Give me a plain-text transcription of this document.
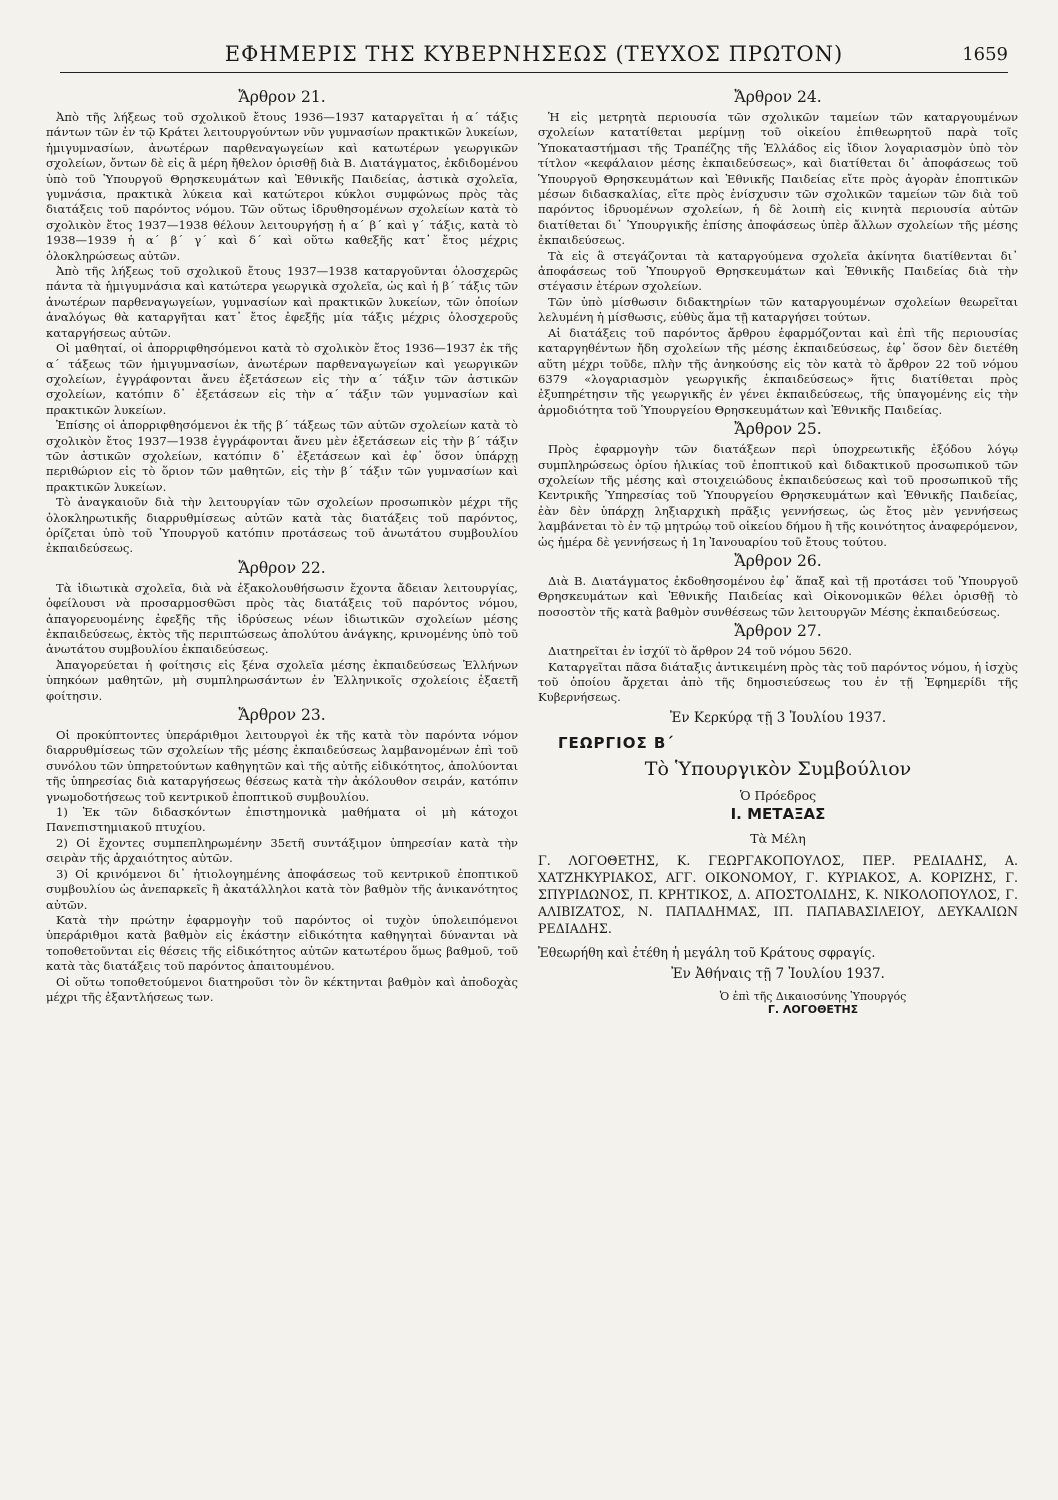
ΕΦΗΜΕΡΙΣ ΤΗΣ ΚΥΒΕΡΝΗΣΕΩΣ (ΤΕΥΧΟΣ ΠΡΩΤΟΝ)	1659
Ἄρθρον 21.

Ἀπὸ τῆς λήξεως τοῦ σχολικοῦ ἔτους 1936—1937 καταργεῖται ἡ α΄ τάξις πάντων τῶν ἐν τῷ Κράτει λειτουργούντων νῦν γυμνασίων πρακτικῶν λυκείων, ἡμιγυμνασίων, ἀνωτέρων παρθεναγωγείων καὶ κατωτέρων γεωργικῶν σχολείων, ὄντων δὲ εἰς ἃ μέρη ἤθελον ὁρισθῇ διὰ Β. Διατάγματος, ἐκδιδομένου ὑπὸ τοῦ Ὑπουργοῦ Θρησκευμάτων καὶ Ἐθνικῆς Παιδείας, ἀστικὰ σχολεῖα, γυμνάσια, πρακτικὰ λύκεια καὶ κατώτεροι κύκλοι συμφώνως πρὸς τὰς διατάξεις τοῦ παρόντος νόμου. Τῶν οὕτως ἱδρυθησομένων σχολείων κατὰ τὸ σχολικὸν ἔτος 1937—1938 θέλουν λειτουργήσῃ ἡ α΄ β΄ καὶ γ΄ τάξις, κατὰ τὸ 1938—1939 ἡ α΄ β΄ γ΄ καὶ δ΄ καὶ οὕτω καθεξῆς κατ᾽ ἔτος μέχρις ὁλοκληρώσεως αὐτῶν.

Ἀπὸ τῆς λήξεως τοῦ σχολικοῦ ἔτους 1937—1938 καταργοῦνται ὁλοσχερῶς πάντα τὰ ἡμιγυμνάσια καὶ κατώτερα γεωργικὰ σχολεῖα, ὡς καὶ ἡ β΄ τάξις τῶν ἀνωτέρων παρθεναγωγείων, γυμνασίων καὶ πρακτικῶν λυκείων, τῶν ὁποίων ἀναλόγως θὰ καταργῆται κατ᾽ ἔτος ἐφεξῆς μία τάξις μέχρις ὁλοσχεροῦς καταργήσεως αὐτῶν.

Οἱ μαθηταί, οἱ ἀπορριφθησόμενοι κατὰ τὸ σχολικὸν ἔτος 1936—1937 ἐκ τῆς α΄ τάξεως τῶν ἡμιγυμνασίων, ἀνωτέρων παρθεναγωγείων καὶ γεωργικῶν σχολείων, ἐγγράφονται ἄνευ ἐξετάσεων εἰς τὴν α΄ τάξιν τῶν ἀστικῶν σχολείων, κατόπιν δ᾽ ἐξετάσεων εἰς τὴν α΄ τάξιν τῶν γυμνασίων καὶ πρακτικῶν λυκείων.

Ἐπίσης οἱ ἀπορριφθησόμενοι ἐκ τῆς β΄ τάξεως τῶν αὐτῶν σχολείων κατὰ τὸ σχολικὸν ἔτος 1937—1938 ἐγγράφονται ἄνευ μὲν ἐξετάσεων εἰς τὴν β΄ τάξιν τῶν ἀστικῶν σχολείων, κατόπιν δ᾽ ἐξετάσεων καὶ ἐφ᾽ ὅσον ὑπάρχῃ περιθώριον εἰς τὸ ὅριον τῶν μαθητῶν, εἰς τὴν β΄ τάξιν τῶν γυμνασίων καὶ πρακτικῶν λυκείων.

Τὸ ἀναγκαιοῦν διὰ τὴν λειτουργίαν τῶν σχολείων προσωπικὸν μέχρι τῆς ὁλοκληρωτικῆς διαρρυθμίσεως αὐτῶν κατὰ τὰς διατάξεις τοῦ παρόντος, ὁρίζεται ὑπὸ τοῦ Ὑπουργοῦ κατόπιν προτάσεως τοῦ ἀνωτάτου συμβουλίου ἐκπαιδεύσεως.

Ἄρθρον 22.

Τὰ ἰδιωτικὰ σχολεῖα, διὰ νὰ ἐξακολουθήσωσιν ἔχοντα ἄδειαν λειτουργίας, ὀφείλουσι νὰ προσαρμοσθῶσι πρὸς τὰς διατάξεις τοῦ παρόντος νόμου, ἀπαγορευομένης ἐφεξῆς τῆς ἱδρύσεως νέων ἰδιωτικῶν σχολείων μέσης ἐκπαιδεύσεως, ἐκτὸς τῆς περιπτώσεως ἀπολύτου ἀνάγκης, κρινομένης ὑπὸ τοῦ ἀνωτάτου συμβουλίου ἐκπαιδεύσεως.

Ἀπαγορεύεται ἡ φοίτησις εἰς ξένα σχολεῖα μέσης ἐκπαιδεύσεως Ἑλλήνων ὑπηκόων μαθητῶν, μὴ συμπληρωσάντων ἐν Ἑλληνικοῖς σχολείοις ἑξαετῆ φοίτησιν.

Ἄρθρον 23.

Οἱ προκύπτοντες ὑπεράριθμοι λειτουργοὶ ἐκ τῆς κατὰ τὸν παρόντα νόμον διαρρυθμίσεως τῶν σχολείων τῆς μέσης ἐκπαιδεύσεως λαμβανομένων ἐπὶ τοῦ συνόλου τῶν ὑπηρετούντων καθηγητῶν καὶ τῆς αὐτῆς εἰδικότητος, ἀπολύονται τῆς ὑπηρεσίας διὰ καταργήσεως θέσεως κατὰ τὴν ἀκόλουθον σειράν, κατόπιν γνωμοδοτήσεως τοῦ κεντρικοῦ ἐποπτικοῦ συμβουλίου.

1) Ἐκ τῶν διδασκόντων ἐπιστημονικὰ μαθήματα οἱ μὴ κάτοχοι Πανεπιστημιακοῦ πτυχίου.

2) Οἱ ἔχοντες συμπεπληρωμένην 35ετῆ συντάξιμον ὑπηρεσίαν κατὰ τὴν σειρὰν τῆς ἀρχαιότητος αὐτῶν.

3) Οἱ κρινόμενοι δι᾽ ἠτιολογημένης ἀποφάσεως τοῦ κεντρικοῦ ἐποπτικοῦ συμβουλίου ὡς ἀνεπαρκεῖς ἢ ἀκατάλληλοι κατὰ τὸν βαθμὸν τῆς ἀνικανότητος αὐτῶν.

Κατὰ τὴν πρώτην ἐφαρμογὴν τοῦ παρόντος οἱ τυχὸν ὑπολειπόμενοι ὑπεράριθμοι κατὰ βαθμὸν εἰς ἑκάστην εἰδικότητα καθηγηταὶ δύνανται νὰ τοποθετοῦνται εἰς θέσεις τῆς εἰδικότητος αὐτῶν κατωτέρου ὅμως βαθμοῦ, τοῦ κατὰ τὰς διατάξεις τοῦ παρόντος ἀπαιτουμένου.

Οἱ οὕτω τοποθετούμενοι διατηροῦσι τὸν ὃν κέκτηνται βαθμὸν καὶ ἀποδοχὰς μέχρι τῆς ἐξαντλήσεως των.

Ἄρθρον 24.

Ἡ εἰς μετρητὰ περιουσία τῶν σχολικῶν ταμείων τῶν καταργουμένων σχολείων κατατίθεται μερίμνῃ τοῦ οἰκείου ἐπιθεωρητοῦ παρὰ τοῖς Ὑποκαταστήμασι τῆς Τραπέζης τῆς Ἑλλάδος εἰς ἴδιον λογαριασμὸν ὑπὸ τὸν τίτλον «κεφάλαιον μέσης ἐκπαιδεύσεως», καὶ διατίθεται δι᾽ ἀποφάσεως τοῦ Ὑπουργοῦ Θρησκευμάτων καὶ Ἐθνικῆς Παιδείας εἴτε πρὸς ἀγορὰν ἐποπτικῶν μέσων διδασκαλίας, εἴτε πρὸς ἐνίσχυσιν τῶν σχολικῶν ταμείων τῶν διὰ τοῦ παρόντος ἱδρυομένων σχολείων, ἡ δὲ λοιπὴ εἰς κινητὰ περιουσία αὐτῶν διατίθεται δι᾽ Ὑπουργικῆς ἐπίσης ἀποφάσεως ὑπὲρ ἄλλων σχολείων τῆς μέσης ἐκπαιδεύσεως.

Τὰ εἰς ἃ στεγάζονται τὰ καταργούμενα σχολεῖα ἀκίνητα διατίθενται δι᾽ ἀποφάσεως τοῦ Ὑπουργοῦ Θρησκευμάτων καὶ Ἐθνικῆς Παιδείας διὰ τὴν στέγασιν ἑτέρων σχολείων.

Τῶν ὑπὸ μίσθωσιν διδακτηρίων τῶν καταργουμένων σχολείων θεωρεῖται λελυμένη ἡ μίσθωσις, εὐθὺς ἅμα τῇ καταργήσει τούτων.

Αἱ διατάξεις τοῦ παρόντος ἄρθρου ἐφαρμόζονται καὶ ἐπὶ τῆς περιουσίας καταργηθέντων ἤδη σχολείων τῆς μέσης ἐκπαιδεύσεως, ἐφ᾽ ὅσον δὲν διετέθη αὕτη μέχρι τοῦδε, πλὴν τῆς ἀνηκούσης εἰς τὸν κατὰ τὸ ἄρθρον 22 τοῦ νόμου 6379 «λογαριασμὸν γεωργικῆς ἐκπαιδεύσεως» ἥτις διατίθεται πρὸς ἐξυπηρέτησιν τῆς γεωργικῆς ἐν γένει ἐκπαιδεύσεως, τῆς ὑπαγομένης εἰς τὴν ἁρμοδιότητα τοῦ Ὑπουργείου Θρησκευμάτων καὶ Ἐθνικῆς Παιδείας.

Ἄρθρον 25.

Πρὸς ἐφαρμογὴν τῶν διατάξεων περὶ ὑποχρεωτικῆς ἐξόδου λόγῳ συμπληρώσεως ὁρίου ἡλικίας τοῦ ἐποπτικοῦ καὶ διδακτικοῦ προσωπικοῦ τῶν σχολείων τῆς μέσης καὶ στοιχειώδους ἐκπαιδεύσεως καὶ τοῦ προσωπικοῦ τῆς Κεντρικῆς Ὑπηρεσίας τοῦ Ὑπουργείου Θρησκευμάτων καὶ Ἐθνικῆς Παιδείας, ἐὰν δὲν ὑπάρχῃ ληξιαρχικὴ πρᾶξις γεννήσεως, ὡς ἔτος μὲν γεννήσεως λαμβάνεται τὸ ἐν τῷ μητρώῳ τοῦ οἰκείου δήμου ἢ τῆς κοινότητος ἀναφερόμενον, ὡς ἡμέρα δὲ γεννήσεως ἡ 1η Ἰανουαρίου τοῦ ἔτους τούτου.

Ἄρθρον 26.

Διὰ Β. Διατάγματος ἐκδοθησομένου ἐφ᾽ ἅπαξ καὶ τῇ προτάσει τοῦ Ὑπουργοῦ Θρησκευμάτων καὶ Ἐθνικῆς Παιδείας καὶ Οἰκονομικῶν θέλει ὁρισθῇ τὸ ποσοστὸν τῆς κατὰ βαθμὸν συνθέσεως τῶν λειτουργῶν Μέσης ἐκπαιδεύσεως.

Ἄρθρον 27.

Διατηρεῖται ἐν ἰσχύϊ τὸ ἄρθρον 24 τοῦ νόμου 5620.

Καταργεῖται πᾶσα διάταξις ἀντικειμένη πρὸς τὰς τοῦ παρόντος νόμου, ἡ ἰσχὺς τοῦ ὁποίου ἄρχεται ἀπὸ τῆς δημοσιεύσεως του ἐν τῇ Ἐφημερίδι τῆς Κυβερνήσεως.

Ἐν Κερκύρᾳ τῇ 3 Ἰουλίου 1937.
ΓΕΩΡΓΙΟΣ Β΄
Τὸ Ὑπουργικὸν Συμβούλιον
Ὁ Πρόεδρος
Ι. ΜΕΤΑΞΑΣ
Τὰ Μέλη

Γ. ΛΟΓΟΘΕΤΗΣ, Κ. ΓΕΩΡΓΑΚΟΠΟΥΛΟΣ, ΠΕΡ. ΡΕΔΙΑΔΗΣ, Α. ΧΑΤΖΗΚΥΡΙΑΚΟΣ, ΑΓΓ. ΟΙΚΟΝΟΜΟΥ, Γ. ΚΥΡΙΑΚΟΣ, Α. ΚΟΡΙΖΗΣ, Γ. ΣΠΥΡΙΔΩΝΟΣ, Π. ΚΡΗΤΙΚΟΣ, Δ. ΑΠΟΣΤΟΛΙΔΗΣ, Κ. ΝΙΚΟΛΟΠΟΥΛΟΣ, Γ. ΑΛΙΒΙΖΑΤΟΣ, Ν. ΠΑΠΑΔΗΜΑΣ, ΙΠ. ΠΑΠΑΒΑΣΙΛΕΙΟΥ, ΔΕΥΚΑΛΙΩΝ ΡΕΔΙΑΔΗΣ.

Ἐθεωρήθη καὶ ἐτέθη ἡ μεγάλη τοῦ Κράτους σφραγίς.
Ἐν Ἀθήναις τῇ 7 Ἰουλίου 1937.
Ὁ ἐπὶ τῆς Δικαιοσύνης Ὑπουργός
Γ. ΛΟΓΟΘΕΤΗΣ
